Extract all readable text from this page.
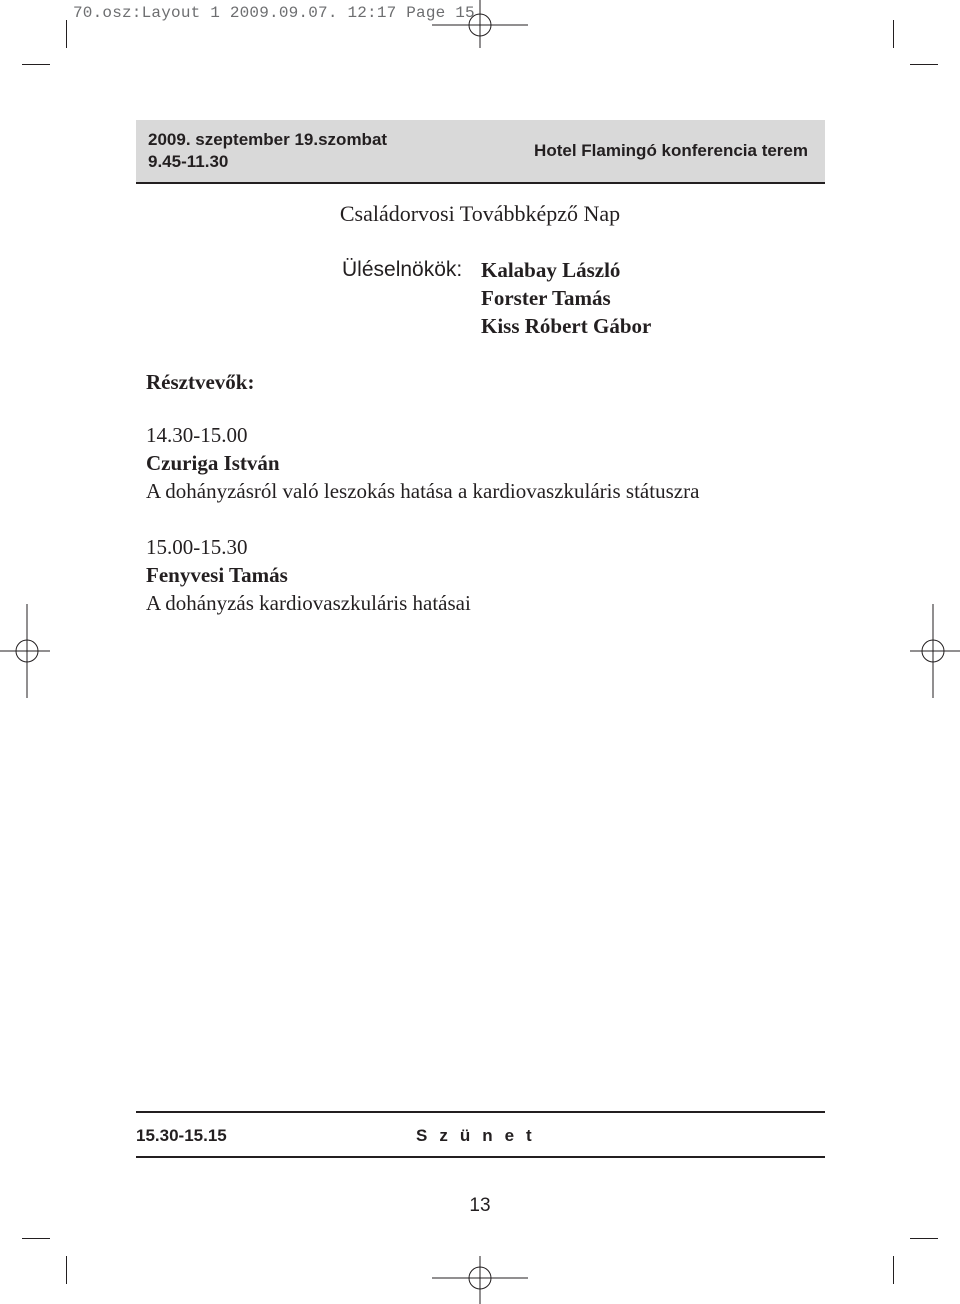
70.osz:Layout 1 2009.09.07. 12:17 Page 15
2009. szeptember 19.szombat
9.45-11.30
Hotel Flamingó konferencia terem
Családorvosi Továbbképző Nap
Üléselnökök: Kalabay László
Forster Tamás
Kiss Róbert Gábor
Résztvevők:
14.30-15.00
Czuriga István
A dohányzásról való leszokás hatása a kardiovaszkuláris státuszra
15.00-15.30
Fenyvesi Tamás
A dohányzás kardiovaszkuláris hatásai
15.30-15.15	Szünet
13
